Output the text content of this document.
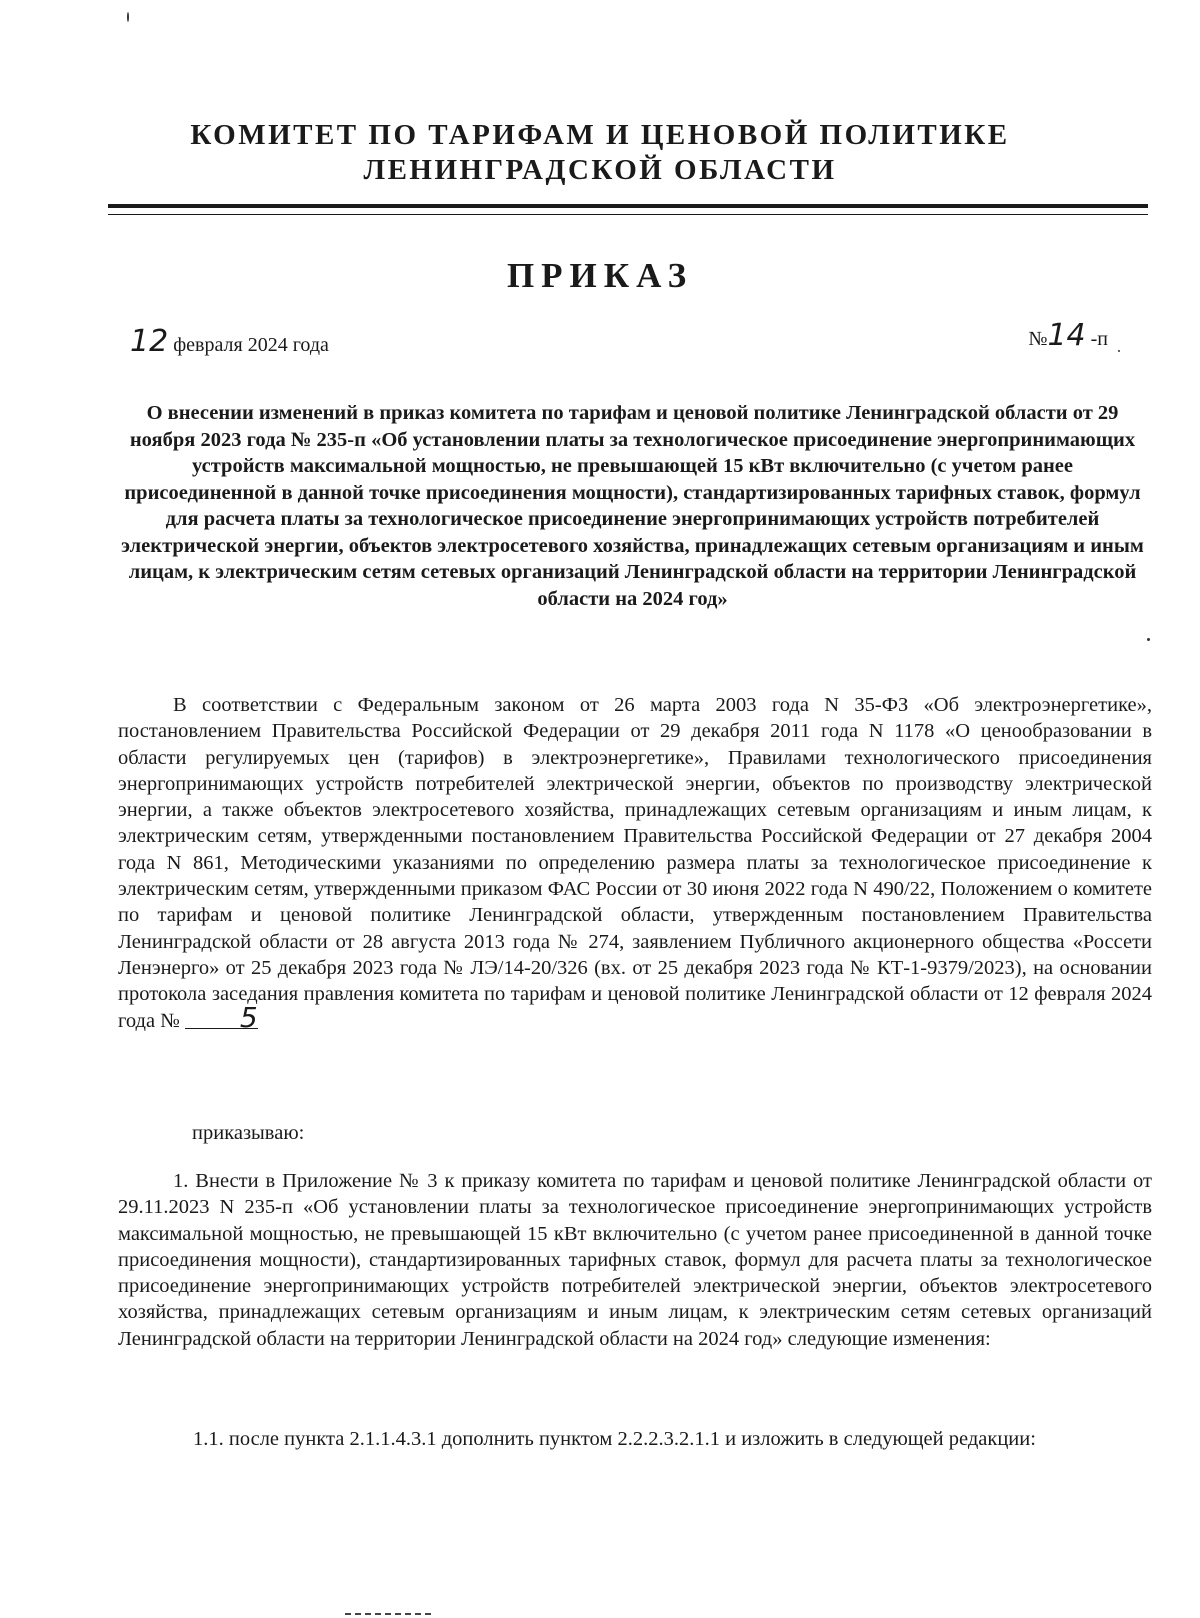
КОМИТЕТ ПО ТАРИФАМ И ЦЕНОВОЙ ПОЛИТИКЕ
ЛЕНИНГРАДСКОЙ ОБЛАСТИ
ПРИКАЗ
12 февраля 2024 года	№14 -п
О внесении изменений в приказ комитета по тарифам и ценовой политике Ленинградской области от 29 ноября 2023 года № 235-п «Об установлении платы за технологическое присоединение энергопринимающих устройств максимальной мощностью, не превышающей 15 кВт включительно (с учетом ранее присоединенной в данной точке присоединения мощности), стандартизированных тарифных ставок, формул для расчета платы за технологическое присоединение энергопринимающих устройств потребителей электрической энергии, объектов электросетевого хозяйства, принадлежащих сетевым организациям и иным лицам, к электрическим сетям сетевых организаций Ленинградской области на территории Ленинградской области на 2024 год»
В соответствии с Федеральным законом от 26 марта 2003 года N 35-ФЗ «Об электроэнергетике», постановлением Правительства Российской Федерации от 29 декабря 2011 года N 1178 «О ценообразовании в области регулируемых цен (тарифов) в электроэнергетике», Правилами технологического присоединения энергопринимающих устройств потребителей электрической энергии, объектов по производству электрической энергии, а также объектов электросетевого хозяйства, принадлежащих сетевым организациям и иным лицам, к электрическим сетям, утвержденными постановлением Правительства Российской Федерации от 27 декабря 2004 года N 861, Методическими указаниями по определению размера платы за технологическое присоединение к электрическим сетям, утвержденными приказом ФАС России от 30 июня 2022 года N 490/22, Положением о комитете по тарифам и ценовой политике Ленинградской области, утвержденным постановлением Правительства Ленинградской области от 28 августа 2013 года № 274, заявлением Публичного акционерного общества «Россети Ленэнерго» от 25 декабря 2023 года № ЛЭ/14-20/326 (вх. от 25 декабря 2023 года № КТ-1-9379/2023), на основании протокола заседания правления комитета по тарифам и ценовой политике Ленинградской области от 12 февраля 2024 года № 5
приказываю:
1. Внести в Приложение № 3 к приказу комитета по тарифам и ценовой политике Ленинградской области от 29.11.2023 N 235-п «Об установлении платы за технологическое присоединение энергопринимающих устройств максимальной мощностью, не превышающей 15 кВт включительно (с учетом ранее присоединенной в данной точке присоединения мощности), стандартизированных тарифных ставок, формул для расчета платы за технологическое присоединение энергопринимающих устройств потребителей электрической энергии, объектов электросетевого хозяйства, принадлежащих сетевым организациям и иным лицам, к электрическим сетям сетевых организаций Ленинградской области на территории Ленинградской области на 2024 год» следующие изменения:
1.1. после пункта 2.1.1.4.3.1 дополнить пунктом 2.2.2.3.2.1.1 и изложить в следующей редакции:
